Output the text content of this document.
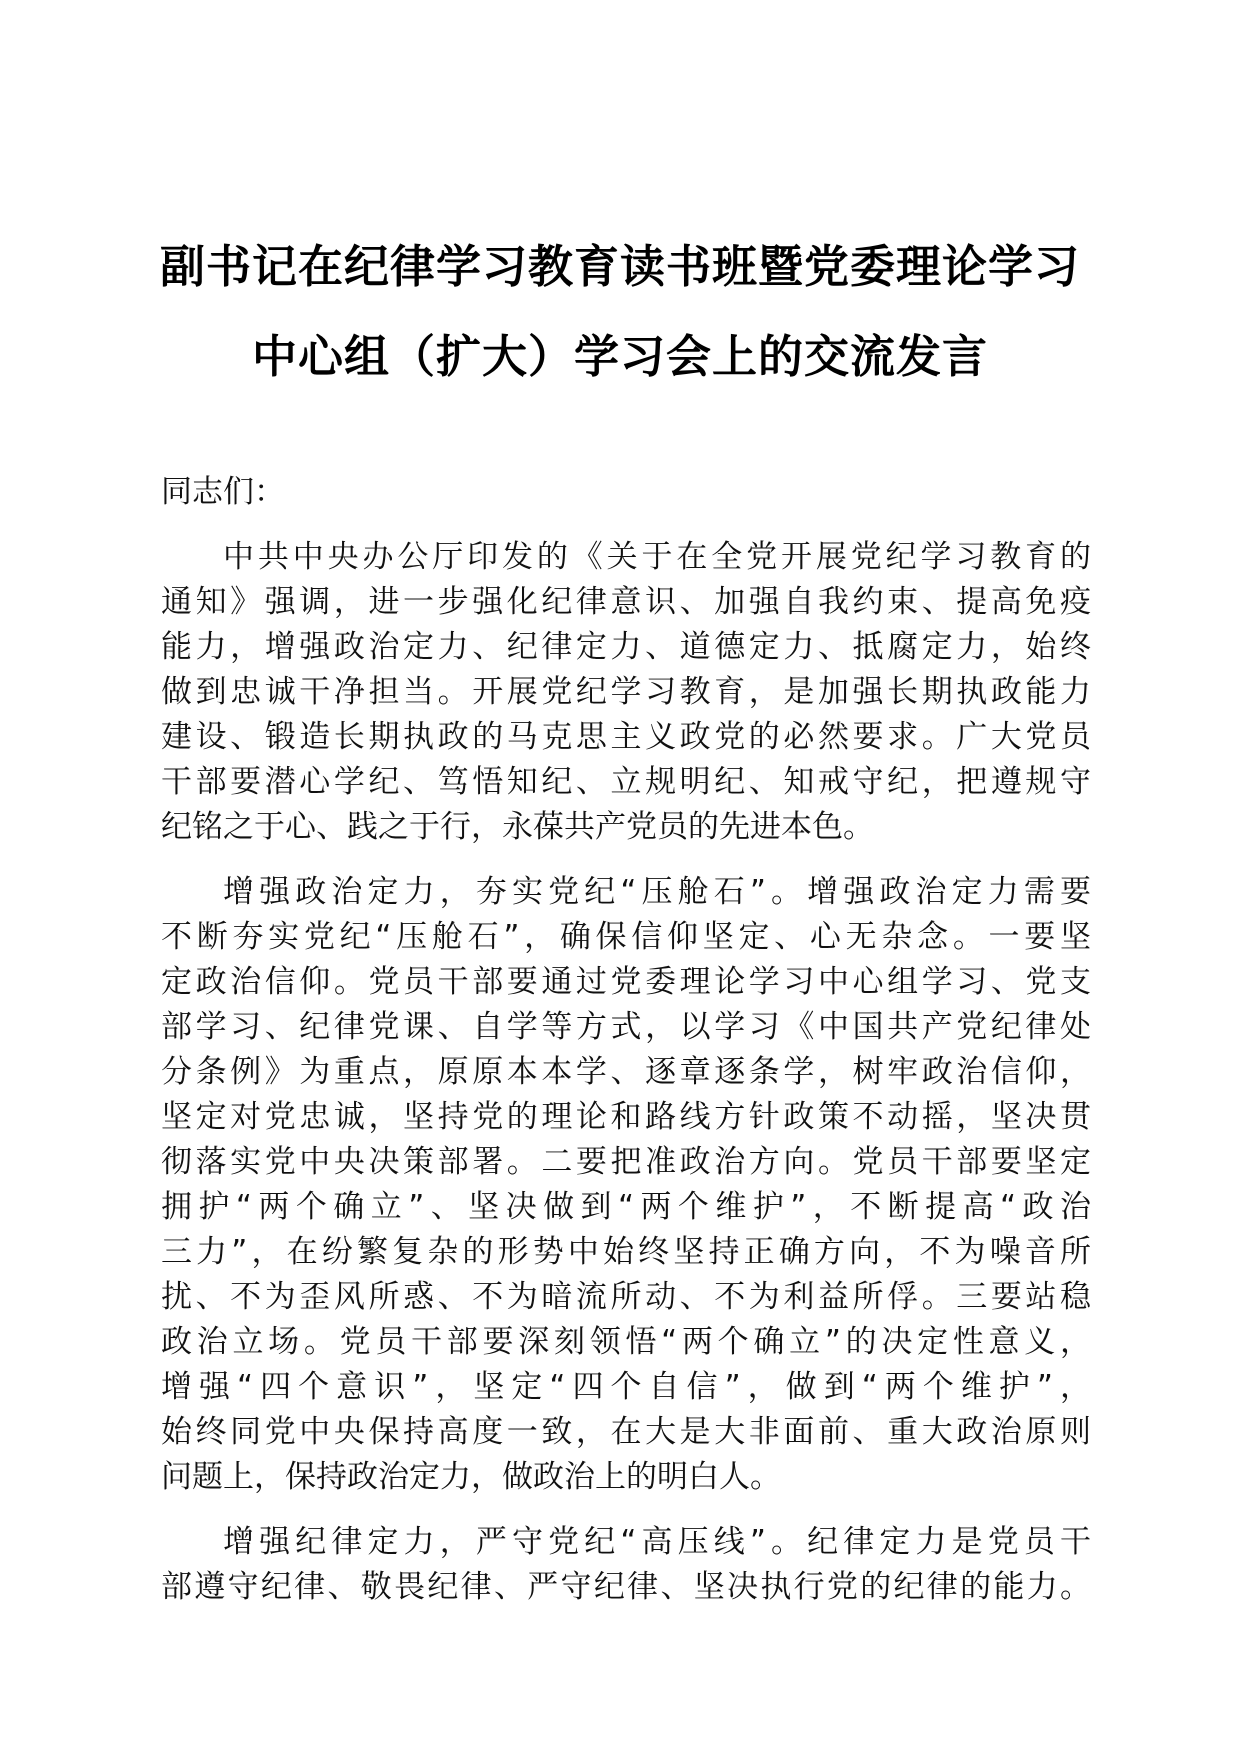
副书记在纪律学习教育读书班暨党委理论学习
中心组（扩大）学习会上的交流发言
同志们：
中共中央办公厅印发的《关于在全党开展党纪学习教育的
通知》强调，进一步强化纪律意识、加强自我约束、提高免疫
能力，增强政治定力、纪律定力、道德定力、抵腐定力，始终
做到忠诚干净担当。开展党纪学习教育，是加强长期执政能力
建设、锻造长期执政的马克思主义政党的必然要求。广大党员
干部要潜心学纪、笃悟知纪、立规明纪、知戒守纪，把遵规守
纪铭之于心、践之于行，永葆共产党员的先进本色。
增强政治定力，夯实党纪“压舱石”。增强政治定力需要
不断夯实党纪“压舱石”，确保信仰坚定、心无杂念。一要坚
定政治信仰。党员干部要通过党委理论学习中心组学习、党支
部学习、纪律党课、自学等方式，以学习《中国共产党纪律处
分条例》为重点，原原本本学、逐章逐条学，树牢政治信仰，
坚定对党忠诚，坚持党的理论和路线方针政策不动摇，坚决贯
彻落实党中央决策部署。二要把准政治方向。党员干部要坚定
拥护“两个确立”、坚决做到“两个维护”，不断提高“政治
三力”，在纷繁复杂的形势中始终坚持正确方向，不为噪音所
扰、不为歪风所惑、不为暗流所动、不为利益所俘。三要站稳
政治立场。党员干部要深刻领悟“两个确立”的决定性意义，
增强“四个意识”，坚定“四个自信”，做到“两个维护”，
始终同党中央保持高度一致，在大是大非面前、重大政治原则
问题上，保持政治定力，做政治上的明白人。
增强纪律定力，严守党纪“高压线”。纪律定力是党员干
部遵守纪律、敬畏纪律、严守纪律、坚决执行党的纪律的能力。
